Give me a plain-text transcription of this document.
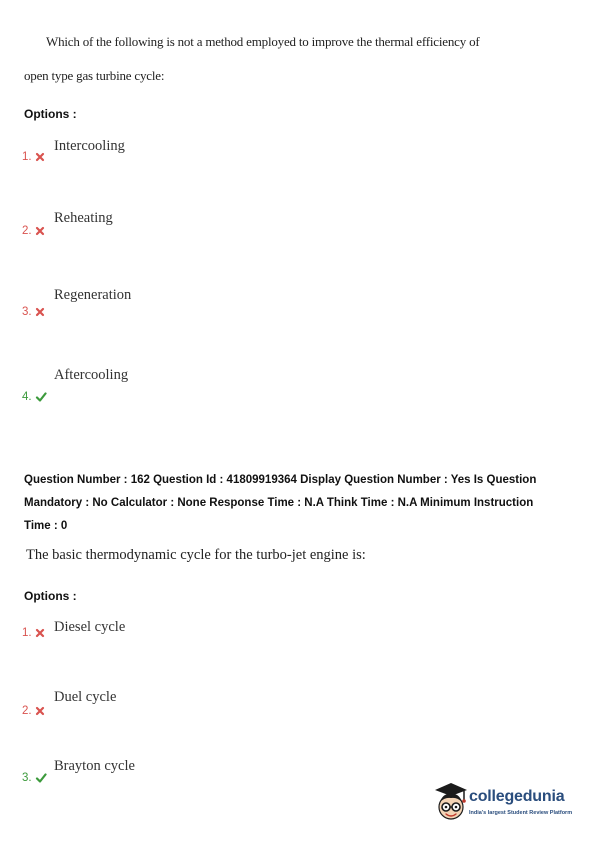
Which of the following is not a method employed to improve the thermal efficiency of
open type gas turbine cycle:
Options :
Intercooling
1.
Reheating
2.
Regeneration
3.
Aftercooling
4.
Question Number : 162 Question Id : 41809919364 Display Question Number : Yes Is Question
Mandatory : No Calculator : None Response Time : N.A Think Time : N.A Minimum Instruction
Time : 0
The basic thermodynamic cycle for the turbo-jet engine is:
Options :
Diesel cycle
1.
Duel cycle
2.
Brayton cycle
3.
collegedunia
India's largest Student Review Platform
